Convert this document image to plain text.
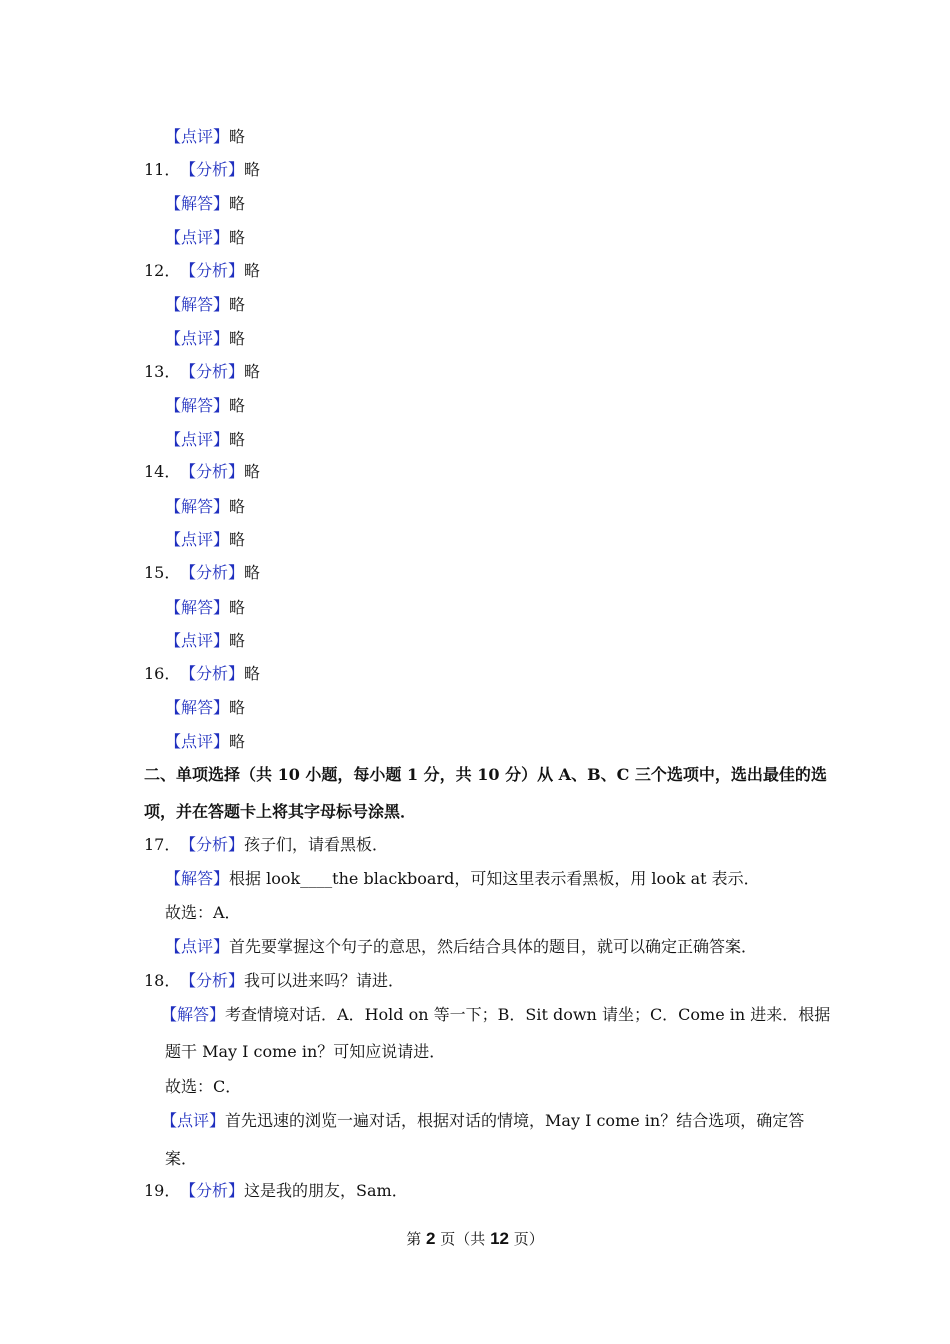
【点评】略
11．【分析】略
【解答】略
【点评】略
12．【分析】略
【解答】略
【点评】略
13．【分析】略
【解答】略
【点评】略
14．【分析】略
【解答】略
【点评】略
15．【分析】略
【解答】略
【点评】略
16．【分析】略
【解答】略
【点评】略
二、单项选择（共 10 小题，每小题 1 分，共 10 分）从 A、B、C 三个选项中，选出最佳的选
项，并在答题卡上将其字母标号涂黑．
17．【分析】孩子们，请看黑板．
【解答】根据 look____the blackboard，可知这里表示看黑板，用 look at 表示．
故选：A．
【点评】首先要掌握这个句子的意思，然后结合具体的题目，就可以确定正确答案．
18．【分析】我可以进来吗？请进．
【解答】考查情境对话．A．Hold on 等一下；B．Sit down 请坐；C．Come in 进来．根据
题干 May I come in？可知应说请进．
故选：C．
【点评】首先迅速的浏览一遍对话，根据对话的情境，May I come in？结合选项，确定答
案．
19．【分析】这是我的朋友，Sam．
第 2 页（共 12 页）
